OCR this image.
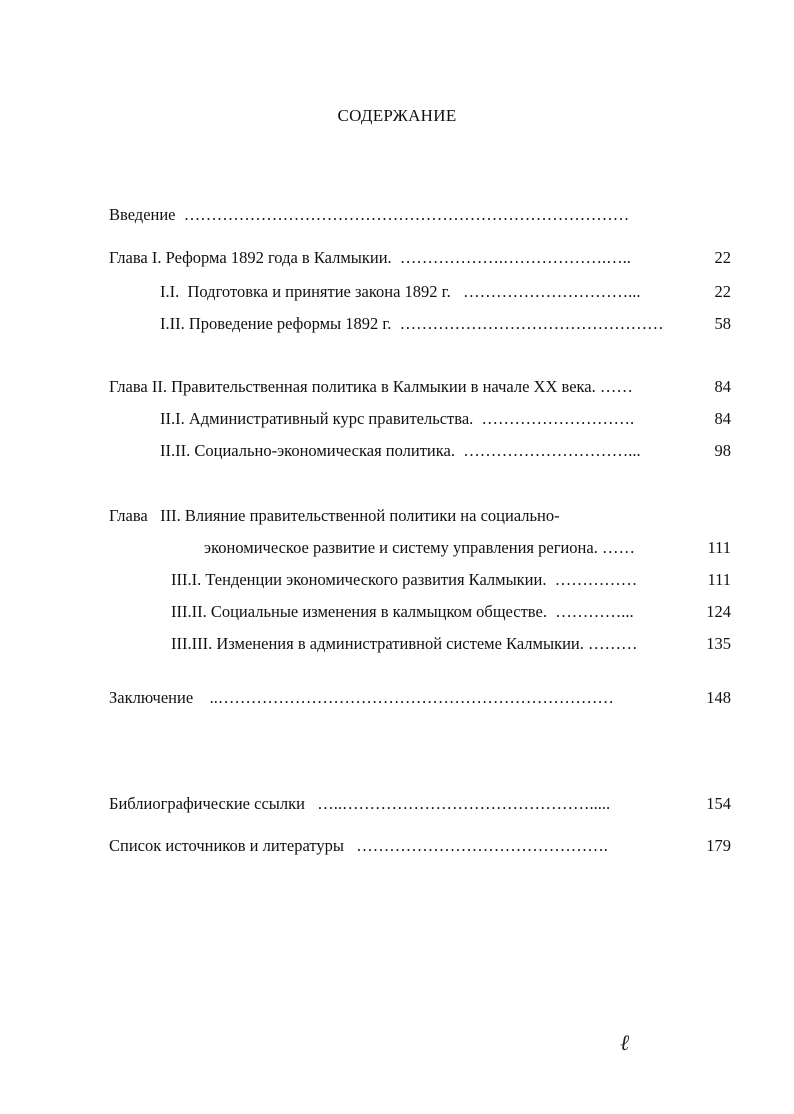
СОДЕРЖАНИЕ
Введение  ………………………………………………………………………
Глава I. Реформа 1892 года в Калмыкии.  ……………….……………….…..	22
I.I.  Подготовка и принятие закона 1892 г.   …………………………...	22
I.II. Проведение реформы 1892 г.  …………………………………………	58
Глава II. Правительственная политика в Калмыкии в начале XX века. ……	84
II.I. Административный курс правительства.  ……………………….	84
II.II. Социально-экономическая политика.  …………………………...	98
Глава   III. Влияние правительственной политики на социально-
экономическое развитие и систему управления региона. ……	111
III.I. Тенденции экономического развития Калмыкии.  ……………	111
III.II. Социальные изменения в калмыцком обществе.  …………...	124
III.III. Изменения в административной системе Калмыкии. ………	135
Заключение    ..………………………………………………………………	148
Библиографические ссылки   …..……………………………………….....	154
Список источников и литературы   ……………………………………….	179
ℓ
